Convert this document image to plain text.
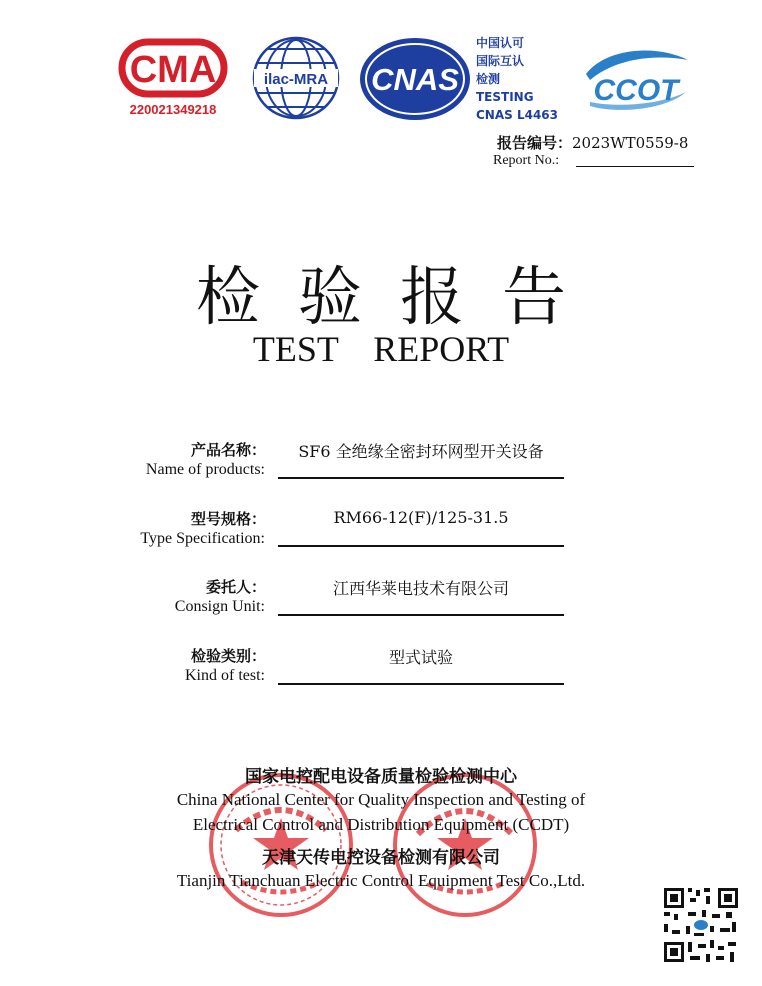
CMA
220021349218
ilac-MRA CNAS
中国认可
国际互认
检测
TESTING
CNAS L4463
CCOT
报告编号：2023WT0559-8
Report No.:
检验报告
TEST REPORT
产品名称：
Name of products:
SF6 全绝缘全密封环网型开关设备
型号规格：
Type Specification:
RM66-12(F)/125-31.5
委托人：
Consign Unit:
江西华莱电技术有限公司
检验类别：
Kind of test:
型式试验
国家电控配电设备质量检验检测中心
China National Center for Quality Inspection and Testing of
Electrical Control and Distribution Equipment (CCDT)
天津天传电控设备检测有限公司
Tianjin Tianchuan Electric Control Equipment Test Co.,Ltd.
